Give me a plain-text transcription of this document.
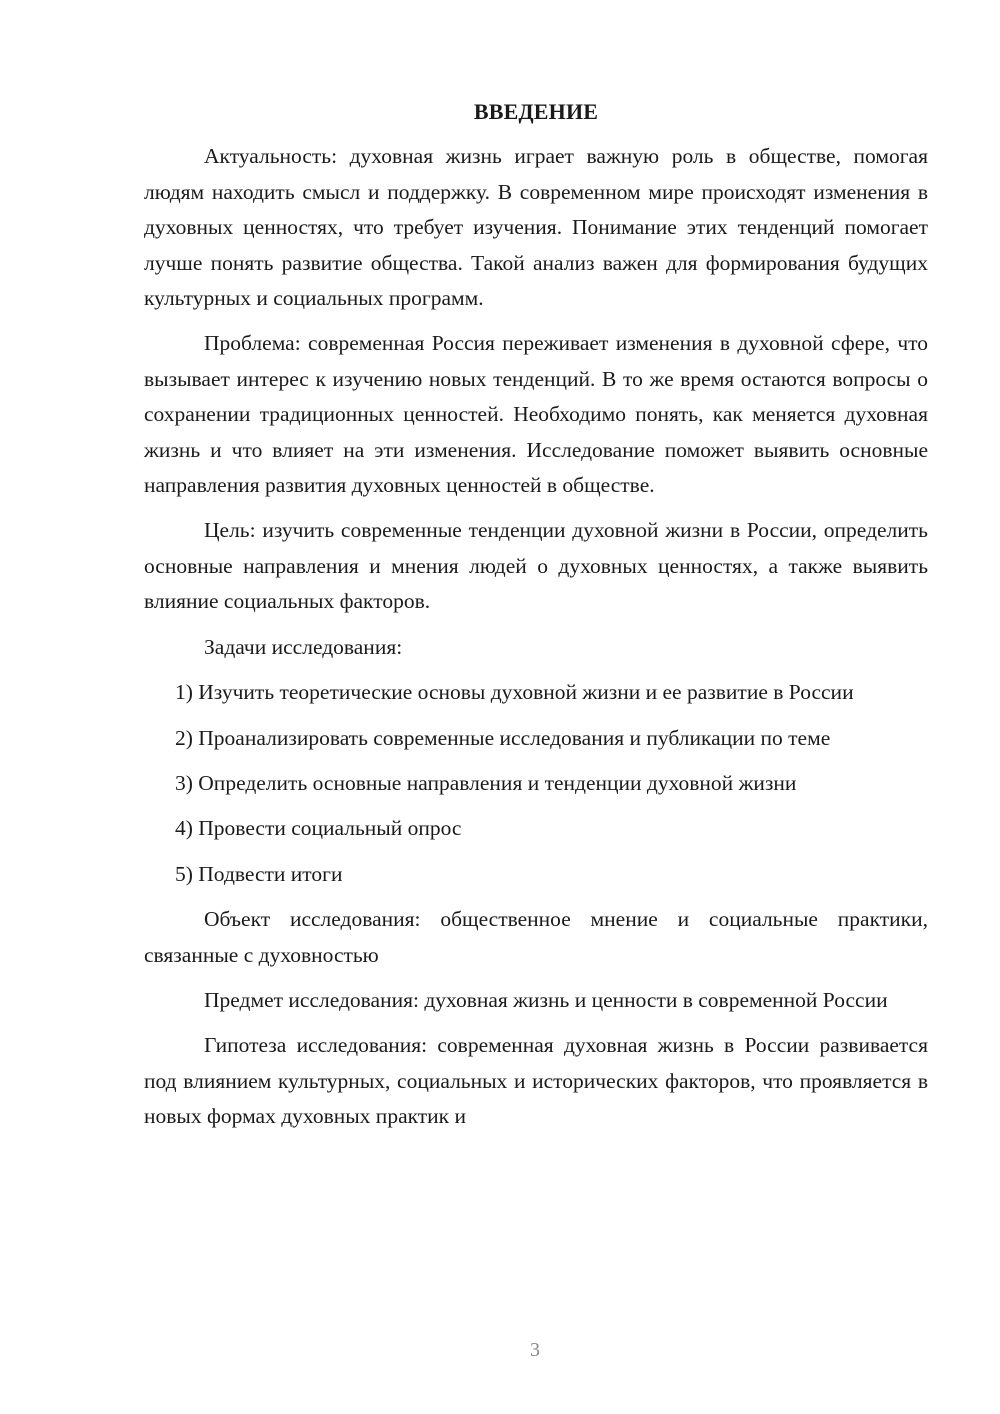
ВВЕДЕНИЕ

Актуальность: духовная жизнь играет важную роль в обществе, помогая людям находить смысл и поддержку. В современном мире происходят изменения в духовных ценностях, что требует изучения. Понимание этих тенденций помогает лучше понять развитие общества. Такой анализ важен для формирования будущих культурных и социальных программ.

Проблема: современная Россия переживает изменения в духовной сфере, что вызывает интерес к изучению новых тенденций. В то же время остаются вопросы о сохранении традиционных ценностей. Необходимо понять, как меняется духовная жизнь и что влияет на эти изменения. Исследование поможет выявить основные направления развития духовных ценностей в обществе.

Цель: изучить современные тенденции духовной жизни в России, определить основные направления и мнения людей о духовных ценностях, а также выявить влияние социальных факторов.

Задачи исследования:

1) Изучить теоретические основы духовной жизни и ее развитие в России

2) Проанализировать современные исследования и публикации по теме

3) Определить основные направления и тенденции духовной жизни

4) Провести социальный опрос

5) Подвести итоги

Объект исследования: общественное мнение и социальные практики, связанные с духовностью

Предмет исследования: духовная жизнь и ценности в современной России

Гипотеза исследования: современная духовная жизнь в России развивается под влиянием культурных, социальных и исторических факторов, что проявляется в новых формах духовных практик и

3
